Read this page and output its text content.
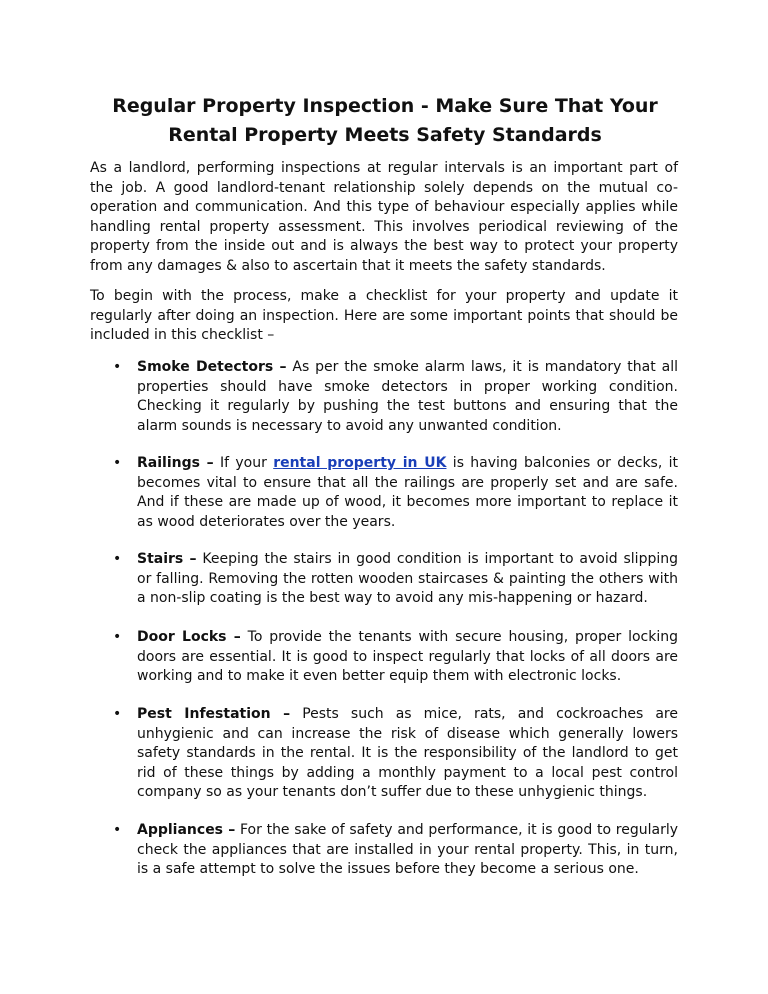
Regular Property Inspection - Make Sure That Your
Rental Property Meets Safety Standards

As a landlord, performing inspections at regular intervals is an important part of the job. A good landlord-tenant relationship solely depends on the mutual co-operation and communication. And this type of behaviour especially applies while handling rental property assessment. This involves periodical reviewing of the property from the inside out and is always the best way to protect your property from any damages & also to ascertain that it meets the safety standards.

To begin with the process, make a checklist for your property and update it regularly after doing an inspection. Here are some important points that should be included in this checklist –

• Smoke Detectors – As per the smoke alarm laws, it is mandatory that all properties should have smoke detectors in proper working condition. Checking it regularly by pushing the test buttons and ensuring that the alarm sounds is necessary to avoid any unwanted condition.

• Railings – If your rental property in UK is having balconies or decks, it becomes vital to ensure that all the railings are properly set and are safe. And if these are made up of wood, it becomes more important to replace it as wood deteriorates over the years.

• Stairs – Keeping the stairs in good condition is important to avoid slipping or falling. Removing the rotten wooden staircases & painting the others with a non-slip coating is the best way to avoid any mis-happening or hazard.

• Door Locks – To provide the tenants with secure housing, proper locking doors are essential. It is good to inspect regularly that locks of all doors are working and to make it even better equip them with electronic locks.

• Pest Infestation – Pests such as mice, rats, and cockroaches are unhygienic and can increase the risk of disease which generally lowers safety standards in the rental. It is the responsibility of the landlord to get rid of these things by adding a monthly payment to a local pest control company so as your tenants don’t suffer due to these unhygienic things.

• Appliances – For the sake of safety and performance, it is good to regularly check the appliances that are installed in your rental property. This, in turn, is a safe attempt to solve the issues before they become a serious one.
